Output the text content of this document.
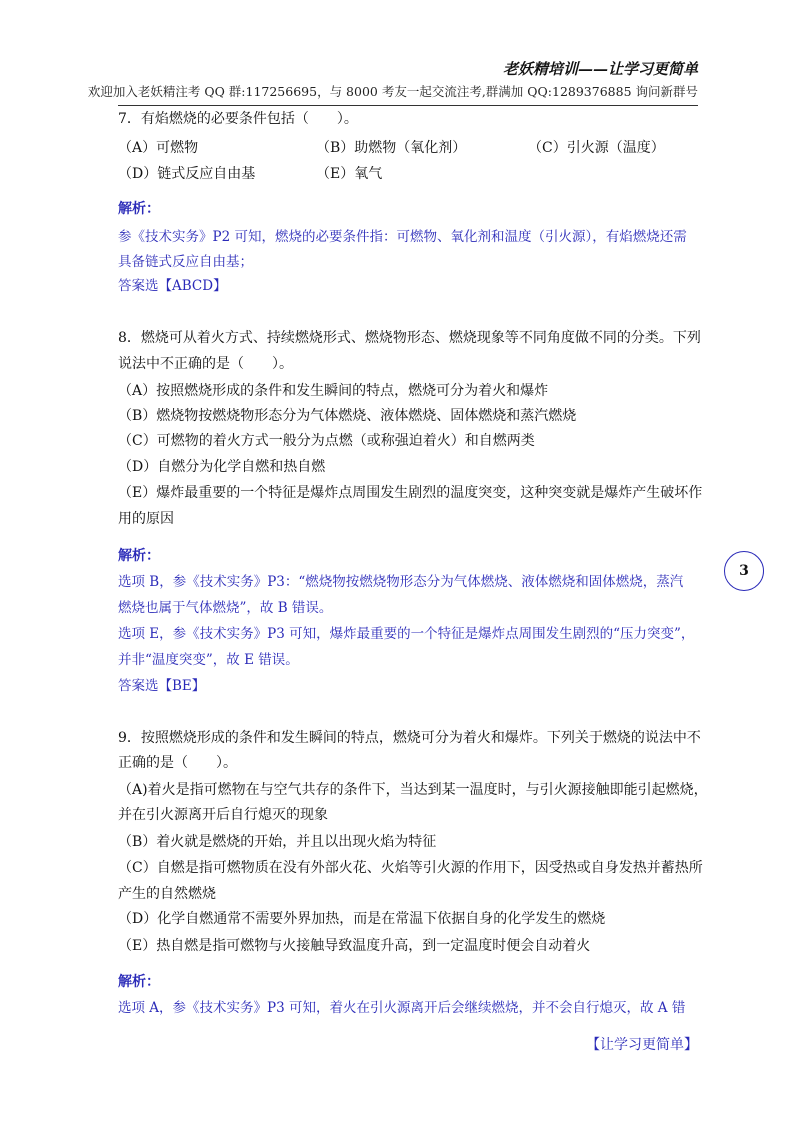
老妖精培训——让学习更简单
欢迎加入老妖精注考 QQ 群:117256695，与 8000 考友一起交流注考,群满加 QQ:1289376885 询问新群号
7．有焰燃烧的必要条件包括（　　）。
（A）可燃物	（B）助燃物（氧化剂）	（C）引火源（温度）
（D）链式反应自由基	（E）氧气
解析：
参《技术实务》P2 可知，燃烧的必要条件指：可燃物、氧化剂和温度（引火源），有焰燃烧还需
具备链式反应自由基；
答案选【ABCD】
8．燃烧可从着火方式、持续燃烧形式、燃烧物形态、燃烧现象等不同角度做不同的分类。下列
说法中不正确的是（　　）。
（A）按照燃烧形成的条件和发生瞬间的特点，燃烧可分为着火和爆炸
（B）燃烧物按燃烧物形态分为气体燃烧、液体燃烧、固体燃烧和蒸汽燃烧
（C）可燃物的着火方式一般分为点燃（或称强迫着火）和自燃两类
（D）自燃分为化学自燃和热自燃
（E）爆炸最重要的一个特征是爆炸点周围发生剧烈的温度突变，这种突变就是爆炸产生破坏作
用的原因
解析：
选项 B，参《技术实务》P3：“燃烧物按燃烧物形态分为气体燃烧、液体燃烧和固体燃烧，蒸汽
燃烧也属于气体燃烧”，故 B 错误。
选项 E，参《技术实务》P3 可知，爆炸最重要的一个特征是爆炸点周围发生剧烈的“压力突变”，
并非“温度突变”，故 E 错误。
答案选【BE】
3
9．按照燃烧形成的条件和发生瞬间的特点，燃烧可分为着火和爆炸。下列关于燃烧的说法中不
正确的是（　　）。
（A)着火是指可燃物在与空气共存的条件下，当达到某一温度时，与引火源接触即能引起燃烧，
并在引火源离开后自行熄灭的现象
（B）着火就是燃烧的开始，并且以出现火焰为特征
（C）自燃是指可燃物质在没有外部火花、火焰等引火源的作用下，因受热或自身发热并蓄热所
产生的自然燃烧
（D）化学自燃通常不需要外界加热，而是在常温下依据自身的化学发生的燃烧
（E）热自燃是指可燃物与火接触导致温度升高，到一定温度时便会自动着火
解析：
选项 A，参《技术实务》P3 可知，着火在引火源离开后会继续燃烧，并不会自行熄灭，故 A 错
【让学习更简单】
